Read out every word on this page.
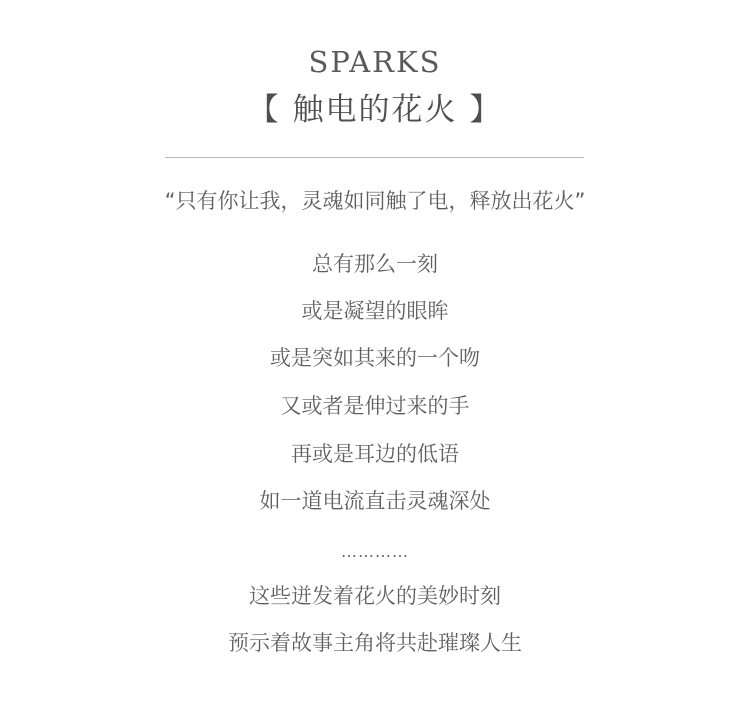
SPARKS
【 触电的花火 】
“只有你让我，灵魂如同触了电，释放出花火”
总有那么一刻
或是凝望的眼眸
或是突如其来的一个吻
又或者是伸过来的手
再或是耳边的低语
如一道电流直击灵魂深处
…………
这些迸发着花火的美妙时刻
预示着故事主角将共赴璀璨人生
